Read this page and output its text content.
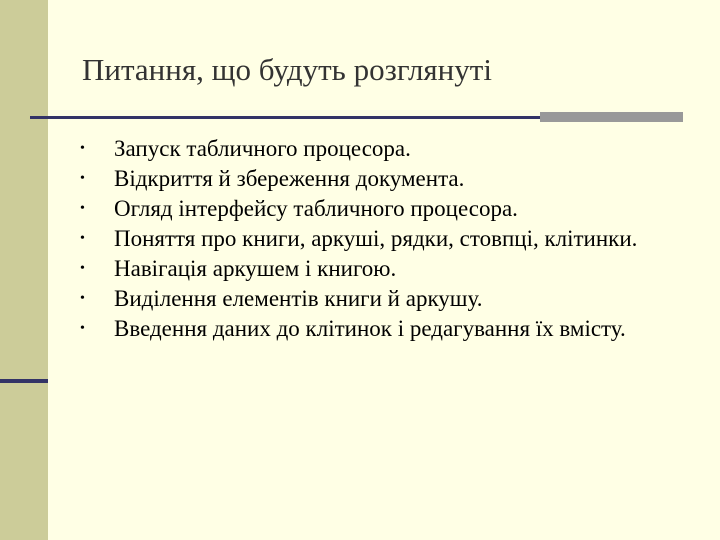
Питання, що будуть розглянуті
•	Запуск табличного процесора.
•	Відкриття й збереження документа.
•	Огляд інтерфейсу табличного процесора.
•	Поняття про книги, аркуші, рядки, стовпці, клітинки.
•	Навігація аркушем і книгою.
•	Виділення елементів книги й аркушу.
•	Введення даних до клітинок і редагування їх вмісту.
